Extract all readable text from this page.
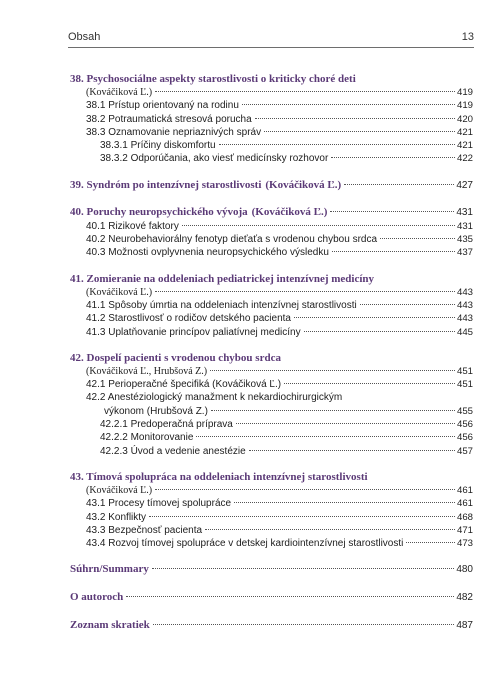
Obsah	13
38. Psychosociálne aspekty starostlivosti o kriticky choré deti
(Kováčiková Ľ.)	419
38.1 Prístup orientovaný na rodinu	419
38.2 Potraumatická stresová porucha	420
38.3 Oznamovanie nepriaznivých správ	421
38.3.1 Príčiny diskomfortu	421
38.3.2 Odporúčania, ako viesť medicínsky rozhovor	422
39. Syndróm po intenzívnej starostlivosti (Kováčiková Ľ.)	427
40. Poruchy neuropsychického vývoja (Kováčiková Ľ.)	431
40.1 Rizikové faktory	431
40.2 Neurobehaviorálny fenotyp dieťaťa s vrodenou chybou srdca	435
40.3 Možnosti ovplyvnenia neuropsychického výsledku	437
41. Zomieranie na oddeleniach pediatrickej intenzívnej medicíny
(Kováčiková Ľ.)	443
41.1 Spôsoby úmrtia na oddeleniach intenzívnej starostlivosti	443
41.2 Starostlivosť o rodičov detského pacienta	443
41.3 Uplatňovanie princípov paliatívnej medicíny	445
42. Dospelí pacienti s vrodenou chybou srdca
(Kováčiková Ľ., Hrubšová Z.)	451
42.1 Perioperačné špecifiká (Kováčiková Ľ.)	451
42.2 Anestéziologický manažment k nekardiochirurgickým
výkonom (Hrubšová Z.)	455
42.2.1 Predoperačná príprava	456
42.2.2 Monitorovanie	456
42.2.3 Úvod a vedenie anestézie	457
43. Tímová spolupráca na oddeleniach intenzívnej starostlivosti
(Kováčiková Ľ.)	461
43.1 Procesy tímovej spolupráce	461
43.2 Konflikty	468
43.3 Bezpečnosť pacienta	471
43.4 Rozvoj tímovej spolupráce v detskej kardiointenzívnej starostlivosti	473
Súhrn/Summary	480
O autoroch	482
Zoznam skratiek	487
